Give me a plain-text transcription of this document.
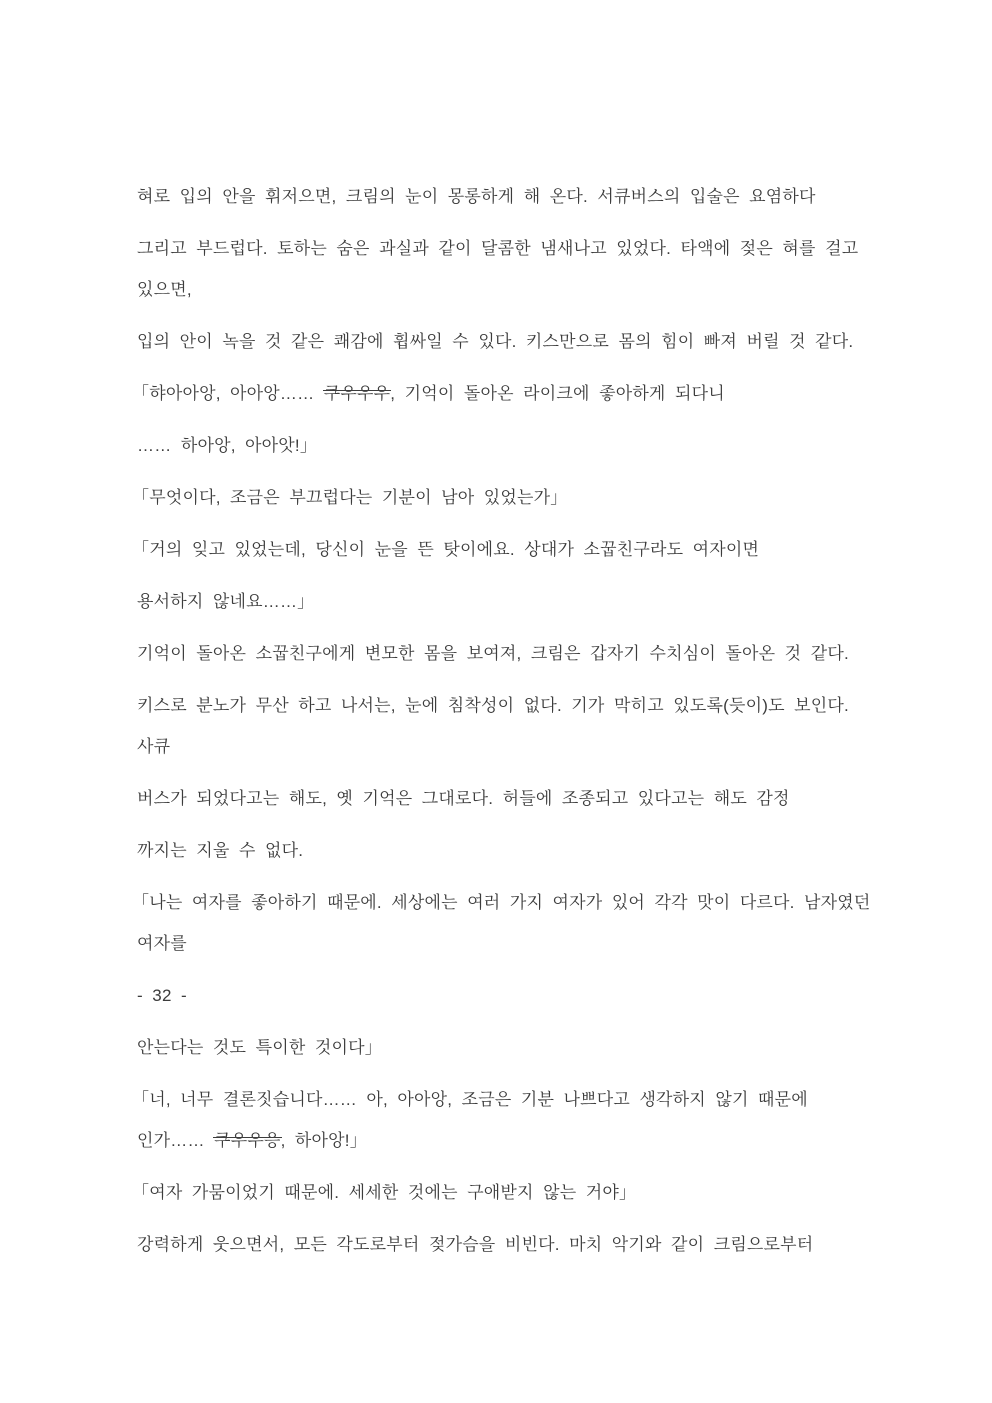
혀로 입의 안을 휘저으면, 크림의 눈이 몽롱하게 해 온다. 서큐버스의 입술은 요염하다

그리고 부드럽다. 토하는 숨은 과실과 같이 달콤한 냄새나고 있었다. 타액에 젖은 혀를 걸고
있으면,

입의 안이 녹을 것 같은 쾌감에 휩싸일 수 있다. 키스만으로 몸의 힘이 빠져 버릴 것 같다.

「햐아아앙, 아아앙…… 쿠우우우, 기억이 돌아온 라이크에 좋아하게 되다니

…… 하아앙, 아아앗!」

「무엇이다, 조금은 부끄럽다는 기분이 남아 있었는가」

「거의 잊고 있었는데, 당신이 눈을 뜬 탓이에요. 상대가 소꿉친구라도 여자이면

용서하지 않네요……」

기억이 돌아온 소꿉친구에게 변모한 몸을 보여져, 크림은 갑자기 수치심이 돌아온 것 같다.

키스로 분노가 무산 하고 나서는, 눈에 침착성이 없다. 기가 막히고 있도록(듯이)도 보인다.
사큐

버스가 되었다고는 해도, 옛 기억은 그대로다. 허들에 조종되고 있다고는 해도 감정

까지는 지울 수 없다.

「나는 여자를 좋아하기 때문에. 세상에는 여러 가지 여자가 있어 각각 맛이 다르다. 남자였던
여자를

- 32 -

안는다는 것도 특이한 것이다」

「너, 너무 결론짓습니다…… 아, 아아앙, 조금은 기분 나쁘다고 생각하지 않기 때문에
인가…… 쿠우우응, 하아앙!」

「여자 가뭄이었기 때문에. 세세한 것에는 구애받지 않는 거야」

강력하게 웃으면서, 모든 각도로부터 젖가슴을 비빈다. 마치 악기와 같이 크림으로부터
